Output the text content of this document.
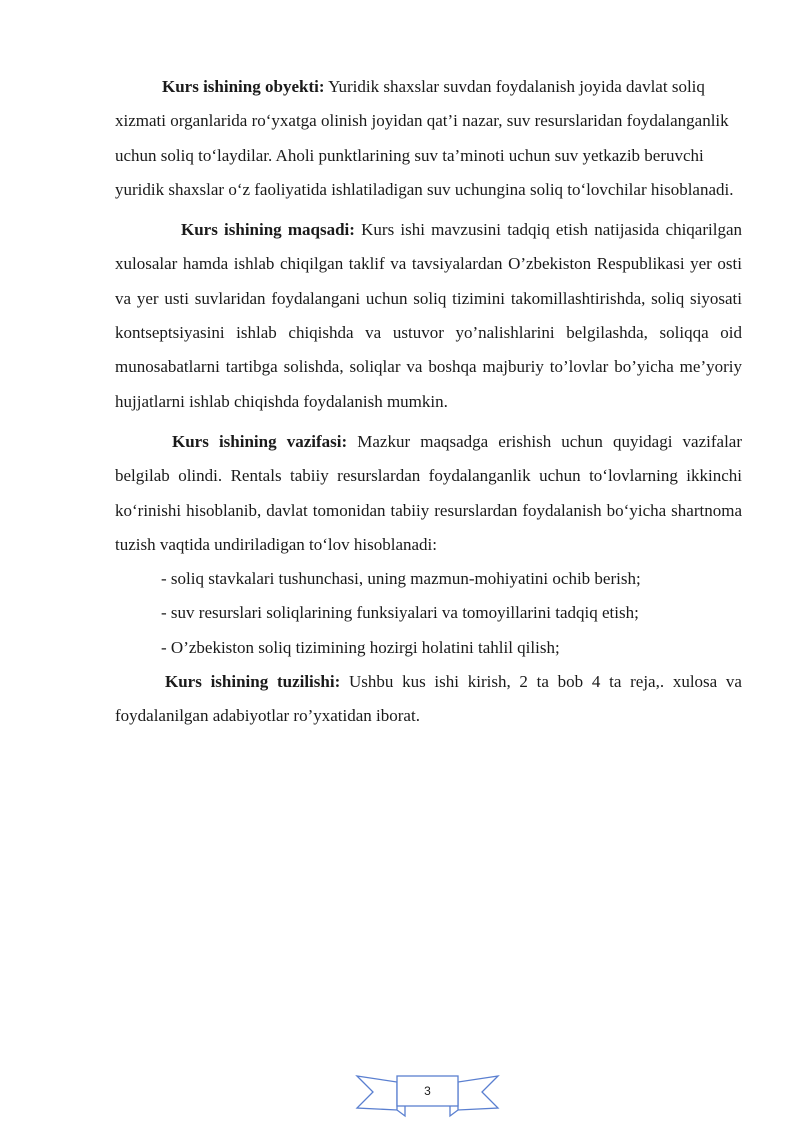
Kurs ishining obyekti: Yuridik shaxslar suvdan foydalanish joyida davlat soliq xizmati organlarida ro‘yxatga olinish joyidan qat’i nazar, suv resurslaridan foydalanganlik uchun soliq to‘laydilar. Aholi punktlarining suv ta’minoti uchun suv yetkazib beruvchi yuridik shaxslar o‘z faoliyatida ishlatiladigan suv uchungina soliq to‘lovchilar hisoblanadi.

Kurs ishining maqsadi: Kurs ishi mavzusini tadqiq etish natijasida chiqarilgan xulosalar hamda ishlab chiqilgan taklif va tavsiyalardan O’zbekiston Respublikasi yer osti va yer usti suvlaridan foydalangani uchun soliq tizimini takomillashtirishda, soliq siyosati kontseptsiyasini ishlab chiqishda va ustuvor yo’nalishlarini belgilashda, soliqqa oid munosabatlarni tartibga solishda, soliqlar va boshqa majburiy to’lovlar bo’yicha me’yoriy hujjatlarni ishlab chiqishda foydalanish mumkin.

Kurs ishining vazifasi: Mazkur maqsadga erishish uchun quyidagi vazifalar belgilab olindi. Rentals tabiiy resurslardan foydalanganlik uchun to‘lovlarning ikkinchi ko‘rinishi hisoblanib, davlat tomonidan tabiiy resurslardan foydalanish bo‘yicha shartnoma tuzish vaqtida undiriladigan to‘lov hisoblanadi:

- soliq stavkalari tushunchasi, uning mazmun-mohiyatini ochib berish;

- suv resurslari soliqlarining funksiyalari va tomoyillarini tadqiq etish;

- O’zbekiston soliq tizimining hozirgi holatini tahlil qilish;

Kurs ishining tuzilishi: Ushbu kus ishi kirish, 2 ta bob 4 ta reja,. xulosa va foydalanilgan adabiyotlar ro’yxatidan iborat.

3
